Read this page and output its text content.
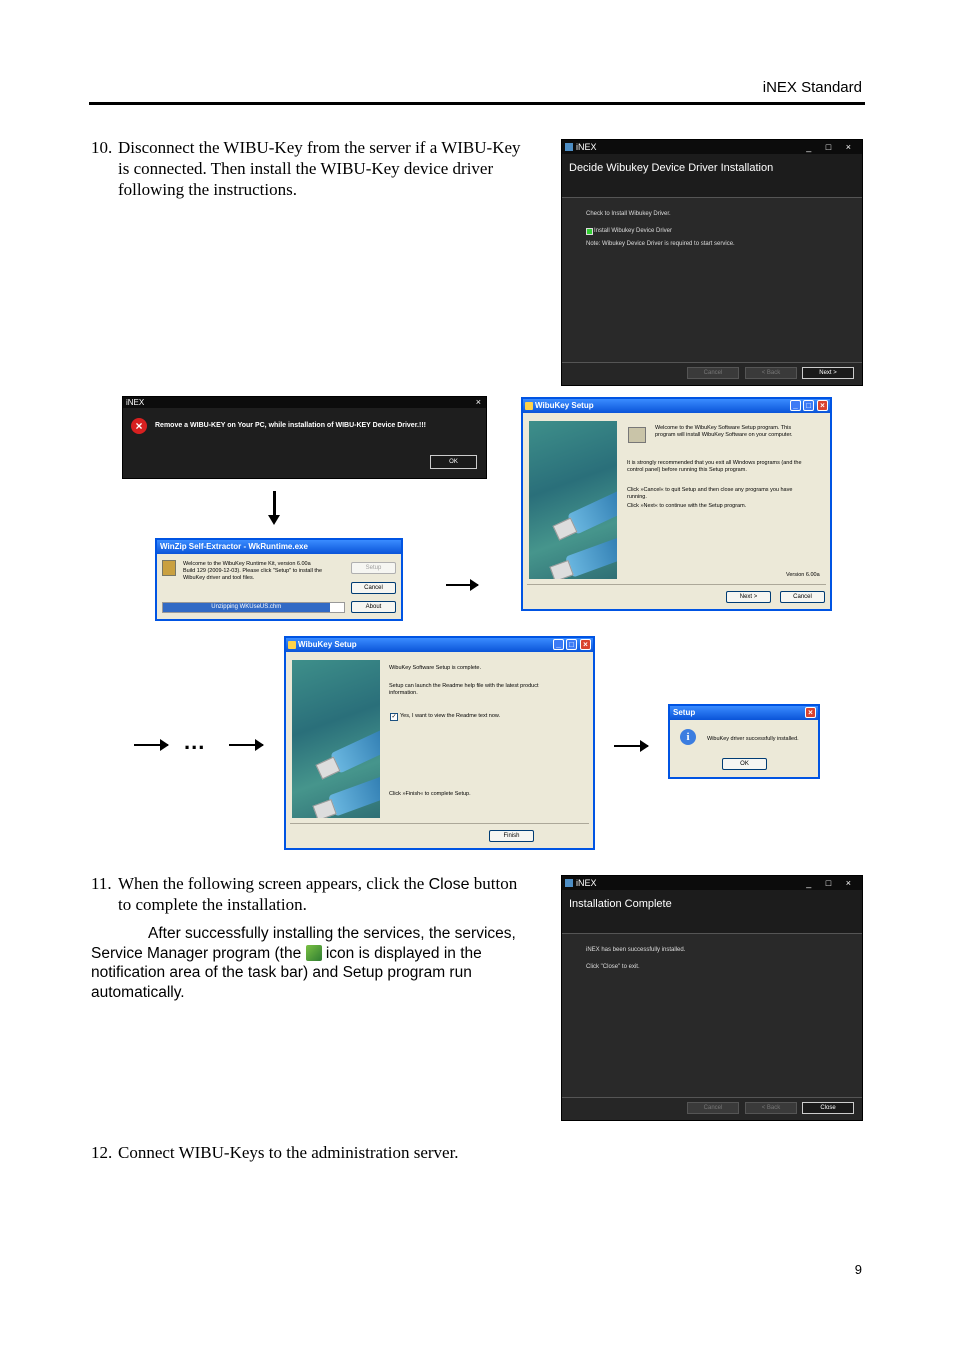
iNEX Standard
10. Disconnect the WIBU-Key from the server if a WIBU-Key
is connected. Then install the WIBU-Key device driver
following the instructions.
iNEX	_ □ ×
Decide Wibukey Device Driver Installation
Check to Install Wibukey Driver.
Install Wibukey Device Driver
Note: Wibukey Device Driver is required to start service.
Cancel	< Back	Next >
iNEX	×
×	Remove a WIBU-KEY on Your PC, while installation of WIBU-KEY Device Driver.!!!
OK
WinZip Self-Extractor - WkRuntime.exe
Welcome to the WibuKey Runtime Kit, version 6.00a
Build 129 (2009-12-03). Please click "Setup" to install the
WibuKey driver and tool files.
Setup
Cancel
About
Unzipping WKUseUS.chm
WibuKey Setup	_	□	×
Welcome to the WibuKey Software Setup program. This
program will install WibuKey Software on your computer.
It is strongly recommended that you exit all Windows programs (and the
control panel) before running this Setup program.
Click »Cancel« to quit Setup and then close any programs you have
running.
Click »Next« to continue with the Setup program.
Version 6.00a
Next >	Cancel
...
WibuKey Setup	_	□	×
WibuKey Software Setup is complete.
Setup can launch the Readme help file with the latest product
information.
✓ Yes, I want to view the Readme text now.
Click »Finish« to complete Setup.
Finish
Setup	×
i	WibuKey driver successfully installed.
OK
11. When the following screen appears, click the Close button
to complete the installation.
After successfully installing the services, the services,
Service Manager program (the  icon is displayed in the
notification area of the task bar) and Setup program run
automatically.
iNEX	_ □ ×
Installation Complete
iNEX has been successfully installed.
Click "Close" to exit.
Cancel	< Back	Close
12. Connect WIBU-Keys to the administration server.
9
